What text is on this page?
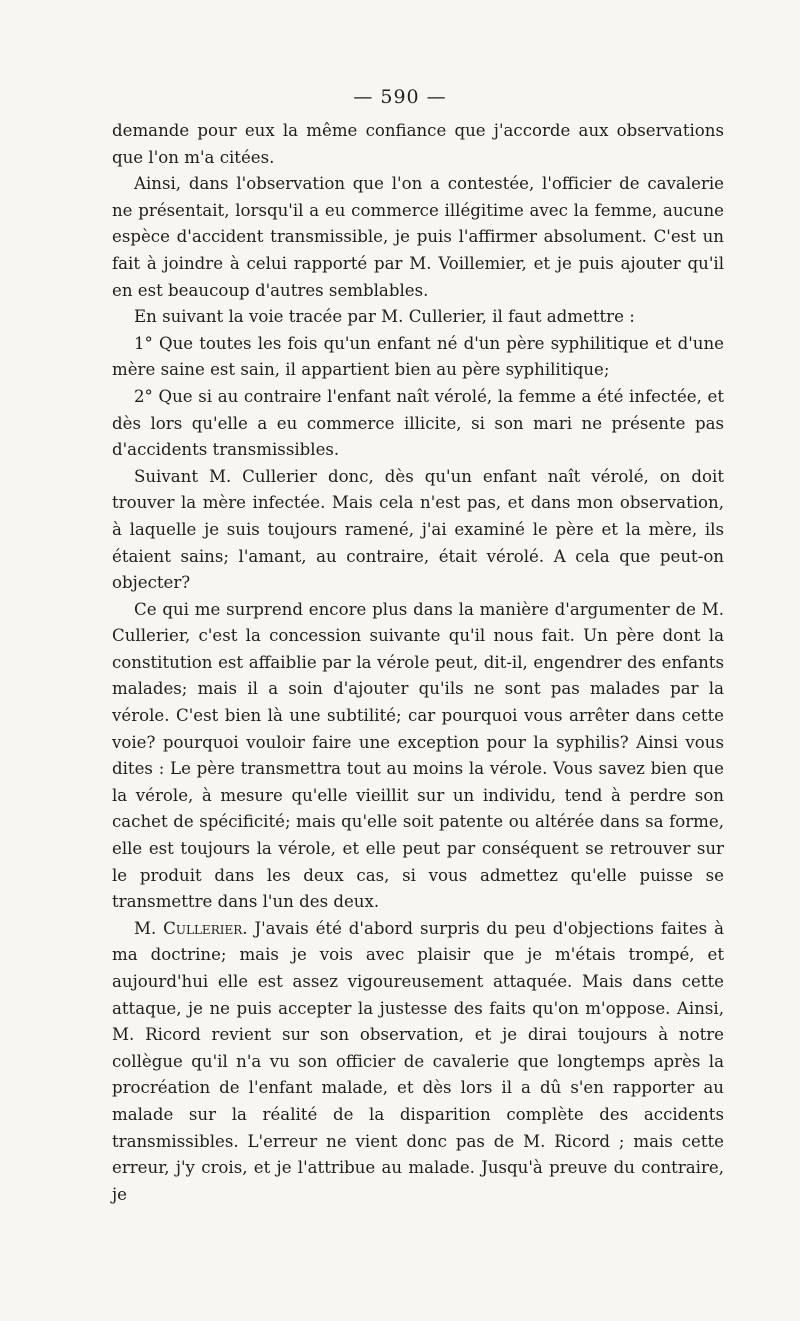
— 590 —

demande pour eux la même confiance que j'accorde aux observations que l'on m'a citées.

Ainsi, dans l'observation que l'on a contestée, l'officier de cavalerie ne présentait, lorsqu'il a eu commerce illégitime avec la femme, aucune espèce d'accident transmissible, je puis l'affirmer absolument. C'est un fait à joindre à celui rapporté par M. Voillemier, et je puis ajouter qu'il en est beaucoup d'autres semblables.

En suivant la voie tracée par M. Cullerier, il faut admettre :

1° Que toutes les fois qu'un enfant né d'un père syphilitique et d'une mère saine est sain, il appartient bien au père syphilitique;

2° Que si au contraire l'enfant naît vérolé, la femme a été infectée, et dès lors qu'elle a eu commerce illicite, si son mari ne présente pas d'accidents transmissibles.

Suivant M. Cullerier donc, dès qu'un enfant naît vérolé, on doit trouver la mère infectée. Mais cela n'est pas, et dans mon observation, à laquelle je suis toujours ramené, j'ai examiné le père et la mère, ils étaient sains; l'amant, au contraire, était vérolé. A cela que peut-on objecter?

Ce qui me surprend encore plus dans la manière d'argumenter de M. Cullerier, c'est la concession suivante qu'il nous fait. Un père dont la constitution est affaiblie par la vérole peut, dit-il, engendrer des enfants malades; mais il a soin d'ajouter qu'ils ne sont pas malades par la vérole. C'est bien là une subtilité; car pourquoi vous arrêter dans cette voie? pourquoi vouloir faire une exception pour la syphilis? Ainsi vous dites : Le père transmettra tout au moins la vérole. Vous savez bien que la vérole, à mesure qu'elle vieillit sur un individu, tend à perdre son cachet de spécificité; mais qu'elle soit patente ou altérée dans sa forme, elle est toujours la vérole, et elle peut par conséquent se retrouver sur le produit dans les deux cas, si vous admettez qu'elle puisse se transmettre dans l'un des deux.

M. Cullerier. J'avais été d'abord surpris du peu d'objections faites à ma doctrine; mais je vois avec plaisir que je m'étais trompé, et aujourd'hui elle est assez vigoureusement attaquée. Mais dans cette attaque, je ne puis accepter la justesse des faits qu'on m'oppose. Ainsi, M. Ricord revient sur son observation, et je dirai toujours à notre collègue qu'il n'a vu son officier de cavalerie que longtemps après la procréation de l'enfant malade, et dès lors il a dû s'en rapporter au malade sur la réalité de la disparition complète des accidents transmissibles. L'erreur ne vient donc pas de M. Ricord ; mais cette erreur, j'y crois, et je l'attribue au malade. Jusqu'à preuve du contraire, je
